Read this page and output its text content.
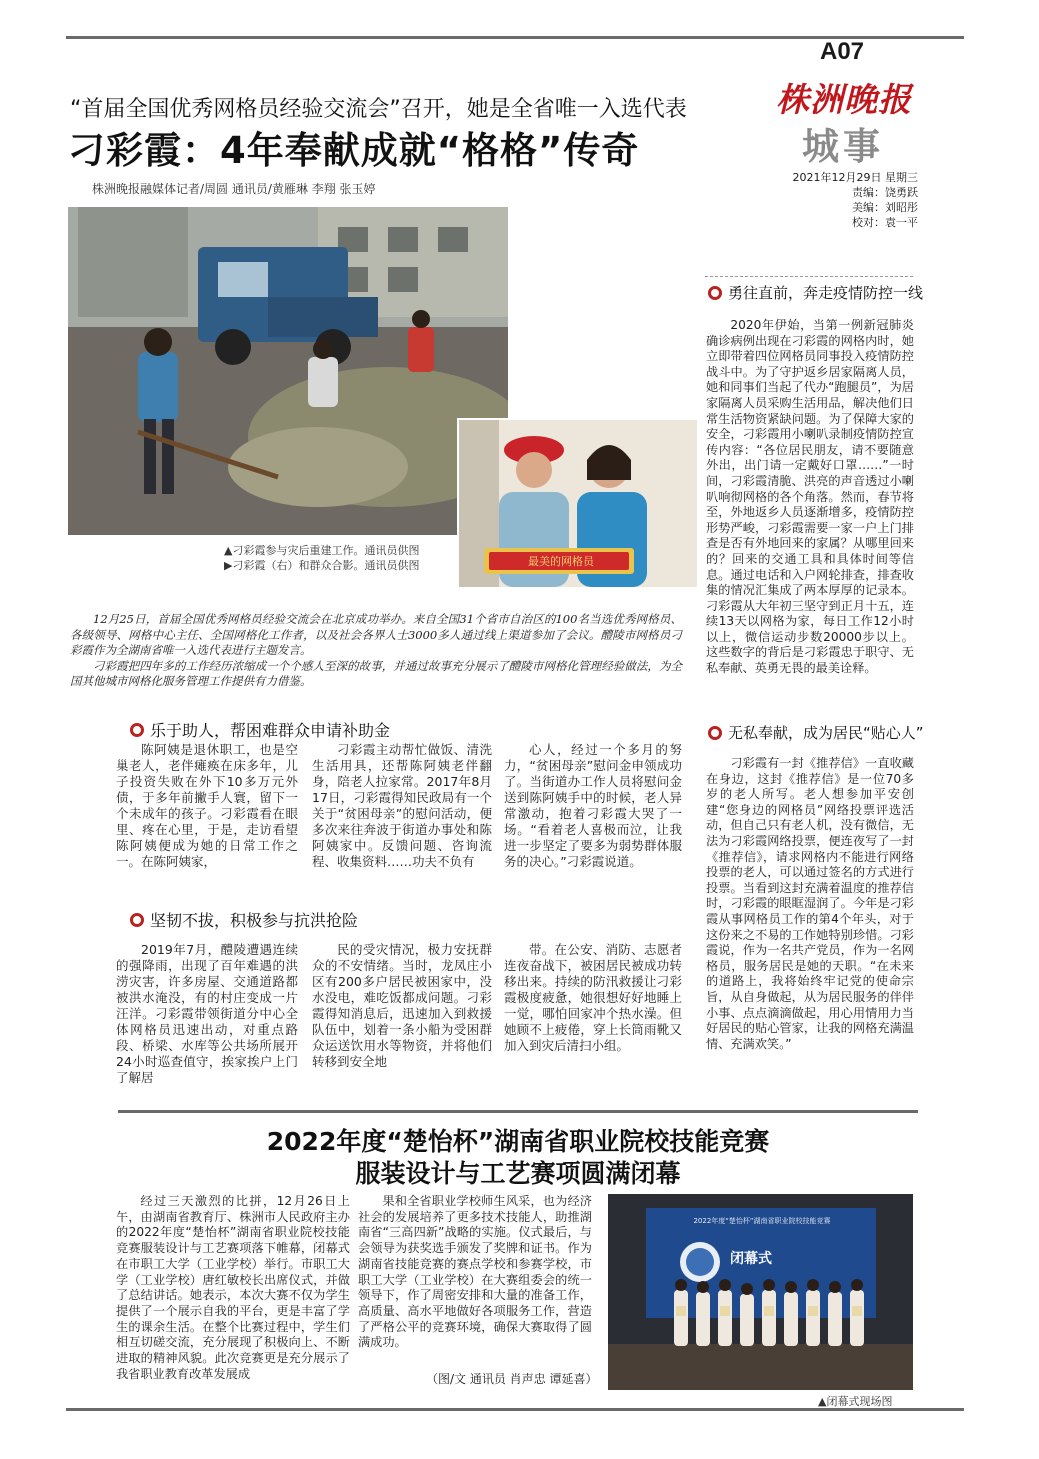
A07
株洲晚报
城事
2021年12月29日 星期三
责编：饶勇跃
美编：刘昭彤
校对：袁一平
“首届全国优秀网格员经验交流会”召开，她是全省唯一入选代表
刁彩霞：4年奉献成就“格格”传奇
株洲晚报融媒体记者/周圆 通讯员/黄雁琳 李翔 张玉婷
最美的网格员
▲刁彩霞参与灾后重建工作。通讯员供图
▶刁彩霞（右）和群众合影。通讯员供图

12月25日，首届全国优秀网格员经验交流会在北京成功举办。来自全国31个省市自治区的100名当选优秀网格员、各级领导、网格中心主任、全国网格化工作者，以及社会各界人士3000多人通过线上渠道参加了会议。醴陵市网格员刁彩霞作为全湖南省唯一入选代表进行主题发言。

刁彩霞把四年多的工作经历浓缩成一个个感人至深的故事，并通过故事充分展示了醴陵市网格化管理经验做法，为全国其他城市网格化服务管理工作提供有力借鉴。

乐于助人，帮困难群众申请补助金

陈阿姨是退休职工，也是空巢老人，老伴瘫痪在床多年，儿子投资失败在外下10多万元外债，于多年前撇手人寰，留下一个未成年的孩子。刁彩霞看在眼里、疼在心里，于是，走访看望陈阿姨便成为她的日常工作之一。在陈阿姨家，

刁彩霞主动帮忙做饭、清洗生活用具，还帮陈阿姨老伴翻身，陪老人拉家常。2017年8月17日，刁彩霞得知民政局有一个关于“贫困母亲”的慰问活动，便多次来往奔波于街道办事处和陈阿姨家中。反馈问题、咨询流程、收集资料……功夫不负有

心人，经过一个多月的努力，“贫困母亲”慰问金申领成功了。当街道办工作人员将慰问金送到陈阿姨手中的时候，老人异常激动，抱着刁彩霞大哭了一场。“看着老人喜极而泣，让我进一步坚定了要多为弱势群体服务的决心。”刁彩霞说道。

坚韧不拔，积极参与抗洪抢险

2019年7月，醴陵遭遇连续的强降雨，出现了百年难遇的洪涝灾害，许多房屋、交通道路都被洪水淹没，有的村庄变成一片汪洋。刁彩霞带领街道分中心全体网格员迅速出动，对重点路段、桥梁、水库等公共场所展开24小时巡查值守，挨家挨户上门了解居

民的受灾情况，极力安抚群众的不安情绪。当时，龙凤庄小区有200多户居民被困家中，没水没电，难吃饭都成问题。刁彩霞得知消息后，迅速加入到救援队伍中，划着一条小船为受困群众运送饮用水等物资，并将他们转移到安全地

带。在公安、消防、志愿者连夜奋战下，被困居民被成功转移出来。持续的防汛救援让刁彩霞极度疲惫，她很想好好地睡上一觉，哪怕回家冲个热水澡。但她顾不上疲倦，穿上长筒雨靴又加入到灾后清扫小组。

勇往直前，奔走疫情防控一线

2020年伊始，当第一例新冠肺炎确诊病例出现在刁彩霞的网格内时，她立即带着四位网格员同事投入疫情防控战斗中。为了守护返乡居家隔离人员，她和同事们当起了代办“跑腿员”，为居家隔离人员采购生活用品，解决他们日常生活物资紧缺问题。为了保障大家的安全，刁彩霞用小喇叭录制疫情防控宣传内容：“各位居民朋友，请不要随意外出，出门请一定戴好口罩……”一时间，刁彩霞清脆、洪亮的声音透过小喇叭响彻网格的各个角落。然而，春节将至，外地返乡人员逐渐增多，疫情防控形势严峻，刁彩霞需要一家一户上门排查是否有外地回来的家属？从哪里回来的？回来的交通工具和具体时间等信息。通过电话和入户网轮排查，排查收集的情况汇集成了两本厚厚的记录本。刁彩霞从大年初三坚守到正月十五，连续13天以网格为家，每日工作12小时以上，微信运动步数20000步以上。这些数字的背后是刁彩霞忠于职守、无私奉献、英勇无畏的最美诠释。

无私奉献，成为居民“贴心人”

刁彩霞有一封《推荐信》一直收藏在身边，这封《推荐信》是一位70多岁的老人所写。老人想参加平安创建“您身边的网格员”网络投票评选活动，但自己只有老人机，没有微信，无法为刁彩霞网络投票，便连夜写了一封《推荐信》，请求网格内不能进行网络投票的老人，可以通过签名的方式进行投票。当看到这封充满着温度的推荐信时，刁彩霞的眼眶湿润了。今年是刁彩霞从事网格员工作的第4个年头，对于这份来之不易的工作她特别珍惜。刁彩霞说，作为一名共产党员，作为一名网格员，服务居民是她的天职。“在未来的道路上，我将始终牢记党的使命宗旨，从自身做起，从为居民服务的伴伴小事、点点滴滴做起，用心用情用力当好居民的贴心管家，让我的网格充满温情、充满欢笑。”

2022年度“楚怡杯”湖南省职业院校技能竞赛
服装设计与工艺赛项圆满闭幕

经过三天激烈的比拼，12月26日上午，由湖南省教育厅、株洲市人民政府主办的2022年度“楚怡杯”湖南省职业院校技能竞赛服装设计与工艺赛项落下帷幕，闭幕式在市职工大学（工业学校）举行。市职工大学（工业学校）唐红敏校长出席仪式，并做了总结讲话。她表示，本次大赛不仅为学生提供了一个展示自我的平台，更是丰富了学生的课余生活。在整个比赛过程中，学生们相互切磋交流，充分展现了积极向上、不断进取的精神风貌。此次竞赛更是充分展示了我省职业教育改革发展成

果和全省职业学校师生风采，也为经济社会的发展培养了更多技术技能人，助推湖南省“三高四新”战略的实施。仪式最后，与会领导为获奖选手颁发了奖牌和证书。作为湖南省技能竞赛的赛点学校和参赛学校，市职工大学（工业学校）在大赛组委会的统一领导下，作了周密安排和大量的准备工作，高质量、高水平地做好各项服务工作，营造了严格公平的竞赛环境，确保大赛取得了圆满成功。

（图/文 通讯员 肖声忠 谭延喜）
2022年度“楚怡杯”湖南省职业院校技能竞赛
闭幕式
▲闭幕式现场图
